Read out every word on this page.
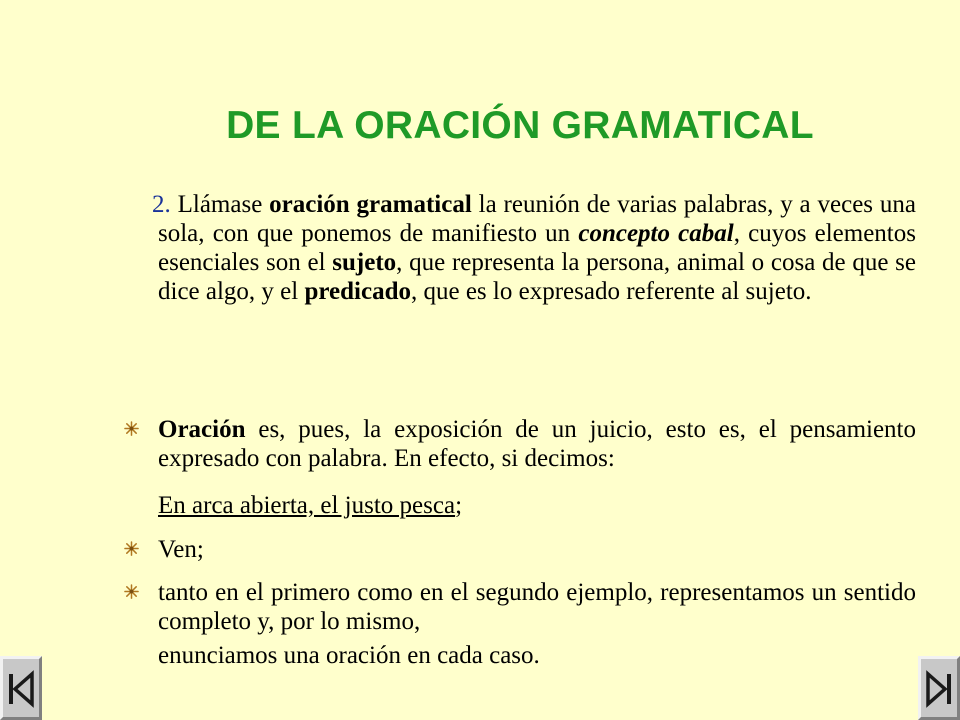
DE LA ORACIÓN GRAMATICAL

2. Llámase oración gramatical la reunión de varias palabras, y a veces una sola, con que ponemos de manifiesto un concepto cabal, cuyos elementos esenciales son el sujeto, que representa la persona, animal o cosa de que se dice algo, y el predicado, que es lo expresado referente al sujeto.

Oración es, pues, la exposición de un juicio, esto es, el pensamiento expresado con palabra. En efecto, si decimos:

En arca abierta, el justo pesca;

Ven;

tanto en el primero como en el segundo ejemplo, representamos un sentido completo y, por lo mismo,
enunciamos una oración en cada caso.
